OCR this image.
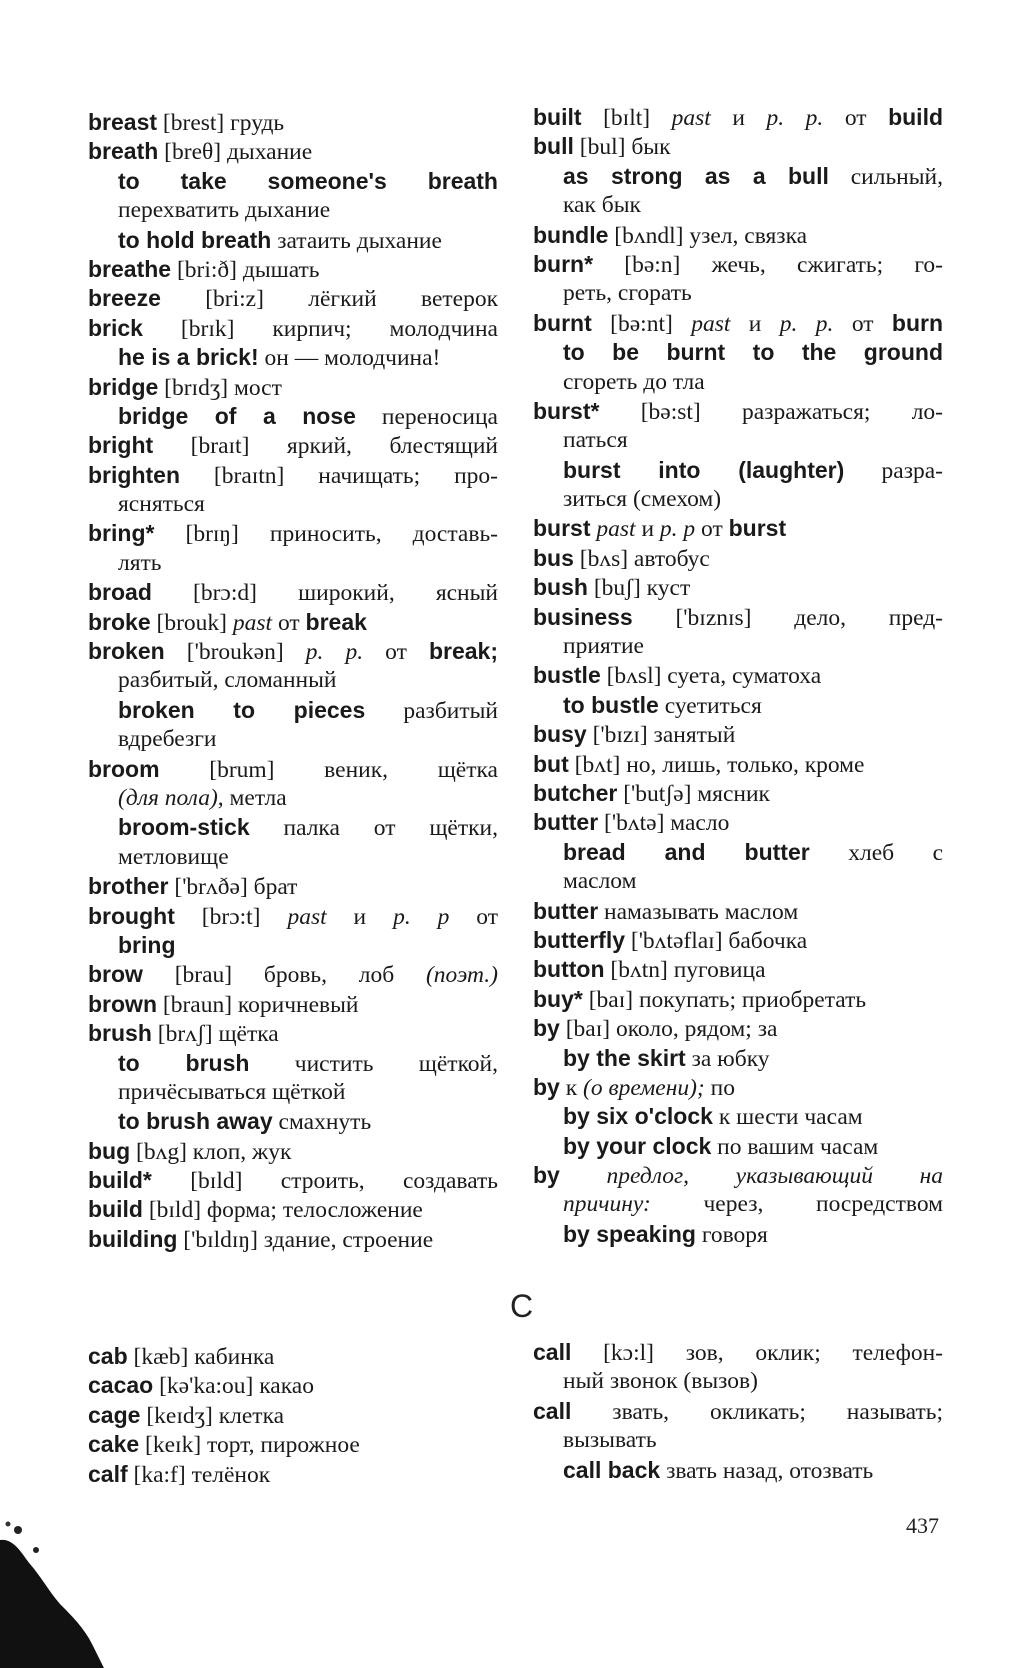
breast [brest] грудь
breath [breθ] дыхание
to take someone's breath
перехватить дыхание
to hold breath затаить дыхание
breathe [bri:ð] дышать
breeze [bri:z] лёгкий ветерок
brick [brɪk] кирпич; молодчина
he is a brick! он — молодчина!
bridge [brɪdʒ] мост
bridge of a nose переносица
bright [braɪt] яркий, блестящий
brighten [braɪtn] начищать; про-
ясняться
bring* [brɪŋ] приносить, доставь-
лять
broad [brɔ:d] широкий, ясный
broke [brouk] past от break
broken ['broukən] p. p. от break;
разбитый, сломанный
broken to pieces разбитый
вдребезги
broom [brum] веник, щётка
(для пола), метла
broom-stick палка от щётки,
метловище
brother ['brʌðə] брат
brought [brɔ:t] past и p. p от
bring
brow [brau] бровь, лоб (поэт.)
brown [braun] коричневый
brush [brʌʃ] щётка
to brush чистить щёткой,
причёсываться щёткой
to brush away смахнуть
bug [bʌg] клоп, жук
build* [bɪld] строить, создавать
build [bɪld] форма; телосложение
building ['bɪldɪŋ] здание, строение
built [bɪlt] past и p. p. от build
bull [bul] бык
as strong as a bull сильный,
как бык
bundle [bʌndl] узел, связка
burn* [bə:n] жечь, сжигать; го-
реть, сгорать
burnt [bə:nt] past и p. p. от burn
to be burnt to the ground
сгореть до тла
burst* [bə:st] разражаться; ло-
паться
burst into (laughter) разра-
зиться (смехом)
burst past и p. p от burst
bus [bʌs] автобус
bush [buʃ] куст
business ['bɪznɪs] дело, пред-
приятие
bustle [bʌsl] суета, суматоха
to bustle суетиться
busy ['bɪzɪ] занятый
but [bʌt] но, лишь, только, кроме
butcher ['butʃə] мясник
butter ['bʌtə] масло
bread and butter хлеб с
маслом
butter намазывать маслом
butterfly ['bʌtəflaɪ] бабочка
button [bʌtn] пуговица
buy* [baɪ] покупать; приобретать
by [baɪ] около, рядом; за
by the skirt за юбку
by к (о времени); по
by six o'clock к шести часам
by your clock по вашим часам
by предлог, указывающий на
причину: через, посредством
by speaking говоря
C
cab [kæb] кабинка
cacao [kə'ka:ou] какао
cage [keɪdʒ] клетка
cake [keɪk] торт, пирожное
calf [ka:f] телёнок
call [kɔ:l] зов, оклик; телефон-
ный звонок (вызов)
call звать, окликать; называть;
вызывать
call back звать назад, отозвать
437
